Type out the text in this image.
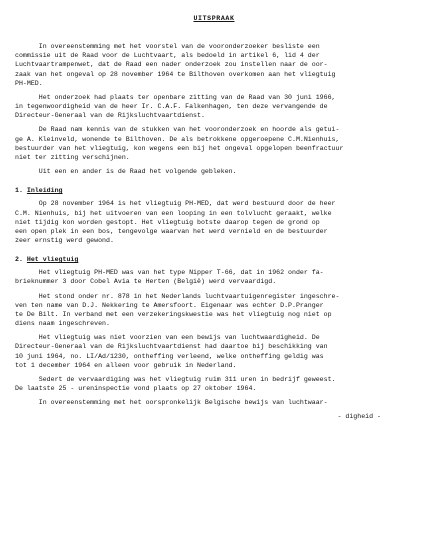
UITSPRAAK

In overeenstemming met het voorstel van de vooronderzoeker besliste een
commissie uit de Raad voor de Luchtvaart, als bedoeld in artikel 6, lid 4 der
Luchtvaartrampenwet, dat de Raad een nader onderzoek zou instellen naar de oor-
zaak van het ongeval op 28 november 1964 te Bilthoven overkomen aan het vliegtuig
PH-MED.

Het onderzoek had plaats ter openbare zitting van de Raad van 30 juni 1966,
in tegenwoordigheid van de heer Ir. C.A.F. Falkenhagen, ten deze vervangende de
Directeur-Generaal van de Rijksluchtvaartdienst.

De Raad nam kennis van de stukken van het vooronderzoek en hoorde als getui-
ge A. Kleinveld, wonende te Bilthoven. De als betrokkene opgeroepene C.M.Nienhuis,
bestuurder van het vliegtuig, kon wegens een bij het ongeval opgelopen beenfractuur
niet ter zitting verschijnen.

Uit een en ander is de Raad het volgende gebleken.

1. Inleiding

Op 28 november 1964 is het vliegtuig PH-MED, dat werd bestuurd door de heer
C.M. Nienhuis, bij het uitvoeren van een looping in een tolvlucht geraakt, welke
niet tijdig kon worden gestopt. Het vliegtuig botste daarop tegen de grond op
een open plek in een bos, tengevolge waarvan het werd vernield en de bestuurder
zeer ernstig werd gewond.

2. Het vliegtuig

Het vliegtuig PH-MED was van het type Nipper T-66, dat in 1962 onder fa-
brieknummer 3 door Cobel Avia te Herten (België) werd vervaardigd.

Het stond onder nr. 878 in het Nederlands luchtvaartuigenregister ingeschre-
ven ten name van D.J. Nekkering te Amersfoort. Eigenaar was echter D.P.Pranger
te De Bilt. In verband met een verzekeringskwestie was het vliegtuig nog niet op
diens naam ingeschreven.

Het vliegtuig was niet voorzien van een bewijs van luchtwaardigheid. De
Directeur-Generaal van de Rijksluchtvaartdienst had daartoe bij beschikking van
10 juni 1964, no. LI/Ad/1230, ontheffing verleend, welke ontheffing geldig was
tot 1 december 1964 en alleen voor gebruik in Nederland.

Sedert de vervaardiging was het vliegtuig ruim 311 uren in bedrijf geweest.
De laatste 25 - ureninspectie vond plaats op 27 oktober 1964.

In overeenstemming met het oorspronkelijk Belgische bewijs van luchtwaar-

- digheid -
